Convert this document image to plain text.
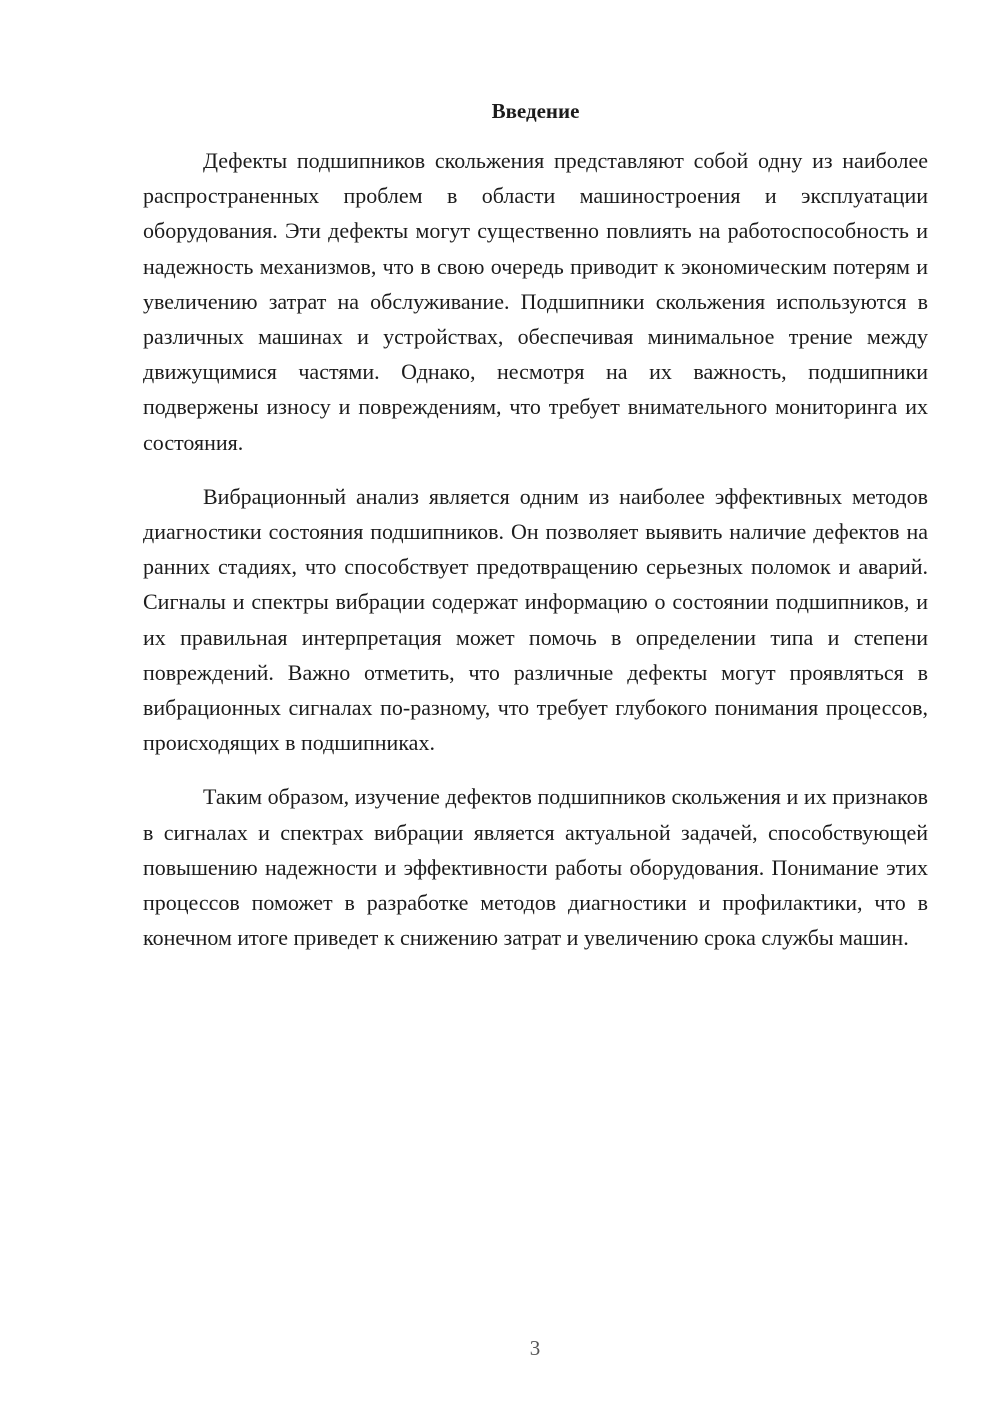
Введение

Дефекты подшипников скольжения представляют собой одну из наиболее распространенных проблем в области машиностроения и эксплуатации оборудования. Эти дефекты могут существенно повлиять на работоспособность и надежность механизмов, что в свою очередь приводит к экономическим потерям и увеличению затрат на обслуживание. Подшипники скольжения используются в различных машинах и устройствах, обеспечивая минимальное трение между движущимися частями. Однако, несмотря на их важность, подшипники подвержены износу и повреждениям, что требует внимательного мониторинга их состояния.

Вибрационный анализ является одним из наиболее эффективных методов диагностики состояния подшипников. Он позволяет выявить наличие дефектов на ранних стадиях, что способствует предотвращению серьезных поломок и аварий. Сигналы и спектры вибрации содержат информацию о состоянии подшипников, и их правильная интерпретация может помочь в определении типа и степени повреждений. Важно отметить, что различные дефекты могут проявляться в вибрационных сигналах по-разному, что требует глубокого понимания процессов, происходящих в подшипниках.

Таким образом, изучение дефектов подшипников скольжения и их признаков в сигналах и спектрах вибрации является актуальной задачей, способствующей повышению надежности и эффективности работы оборудования. Понимание этих процессов поможет в разработке методов диагностики и профилактики, что в конечном итоге приведет к снижению затрат и увеличению срока службы машин.

3
